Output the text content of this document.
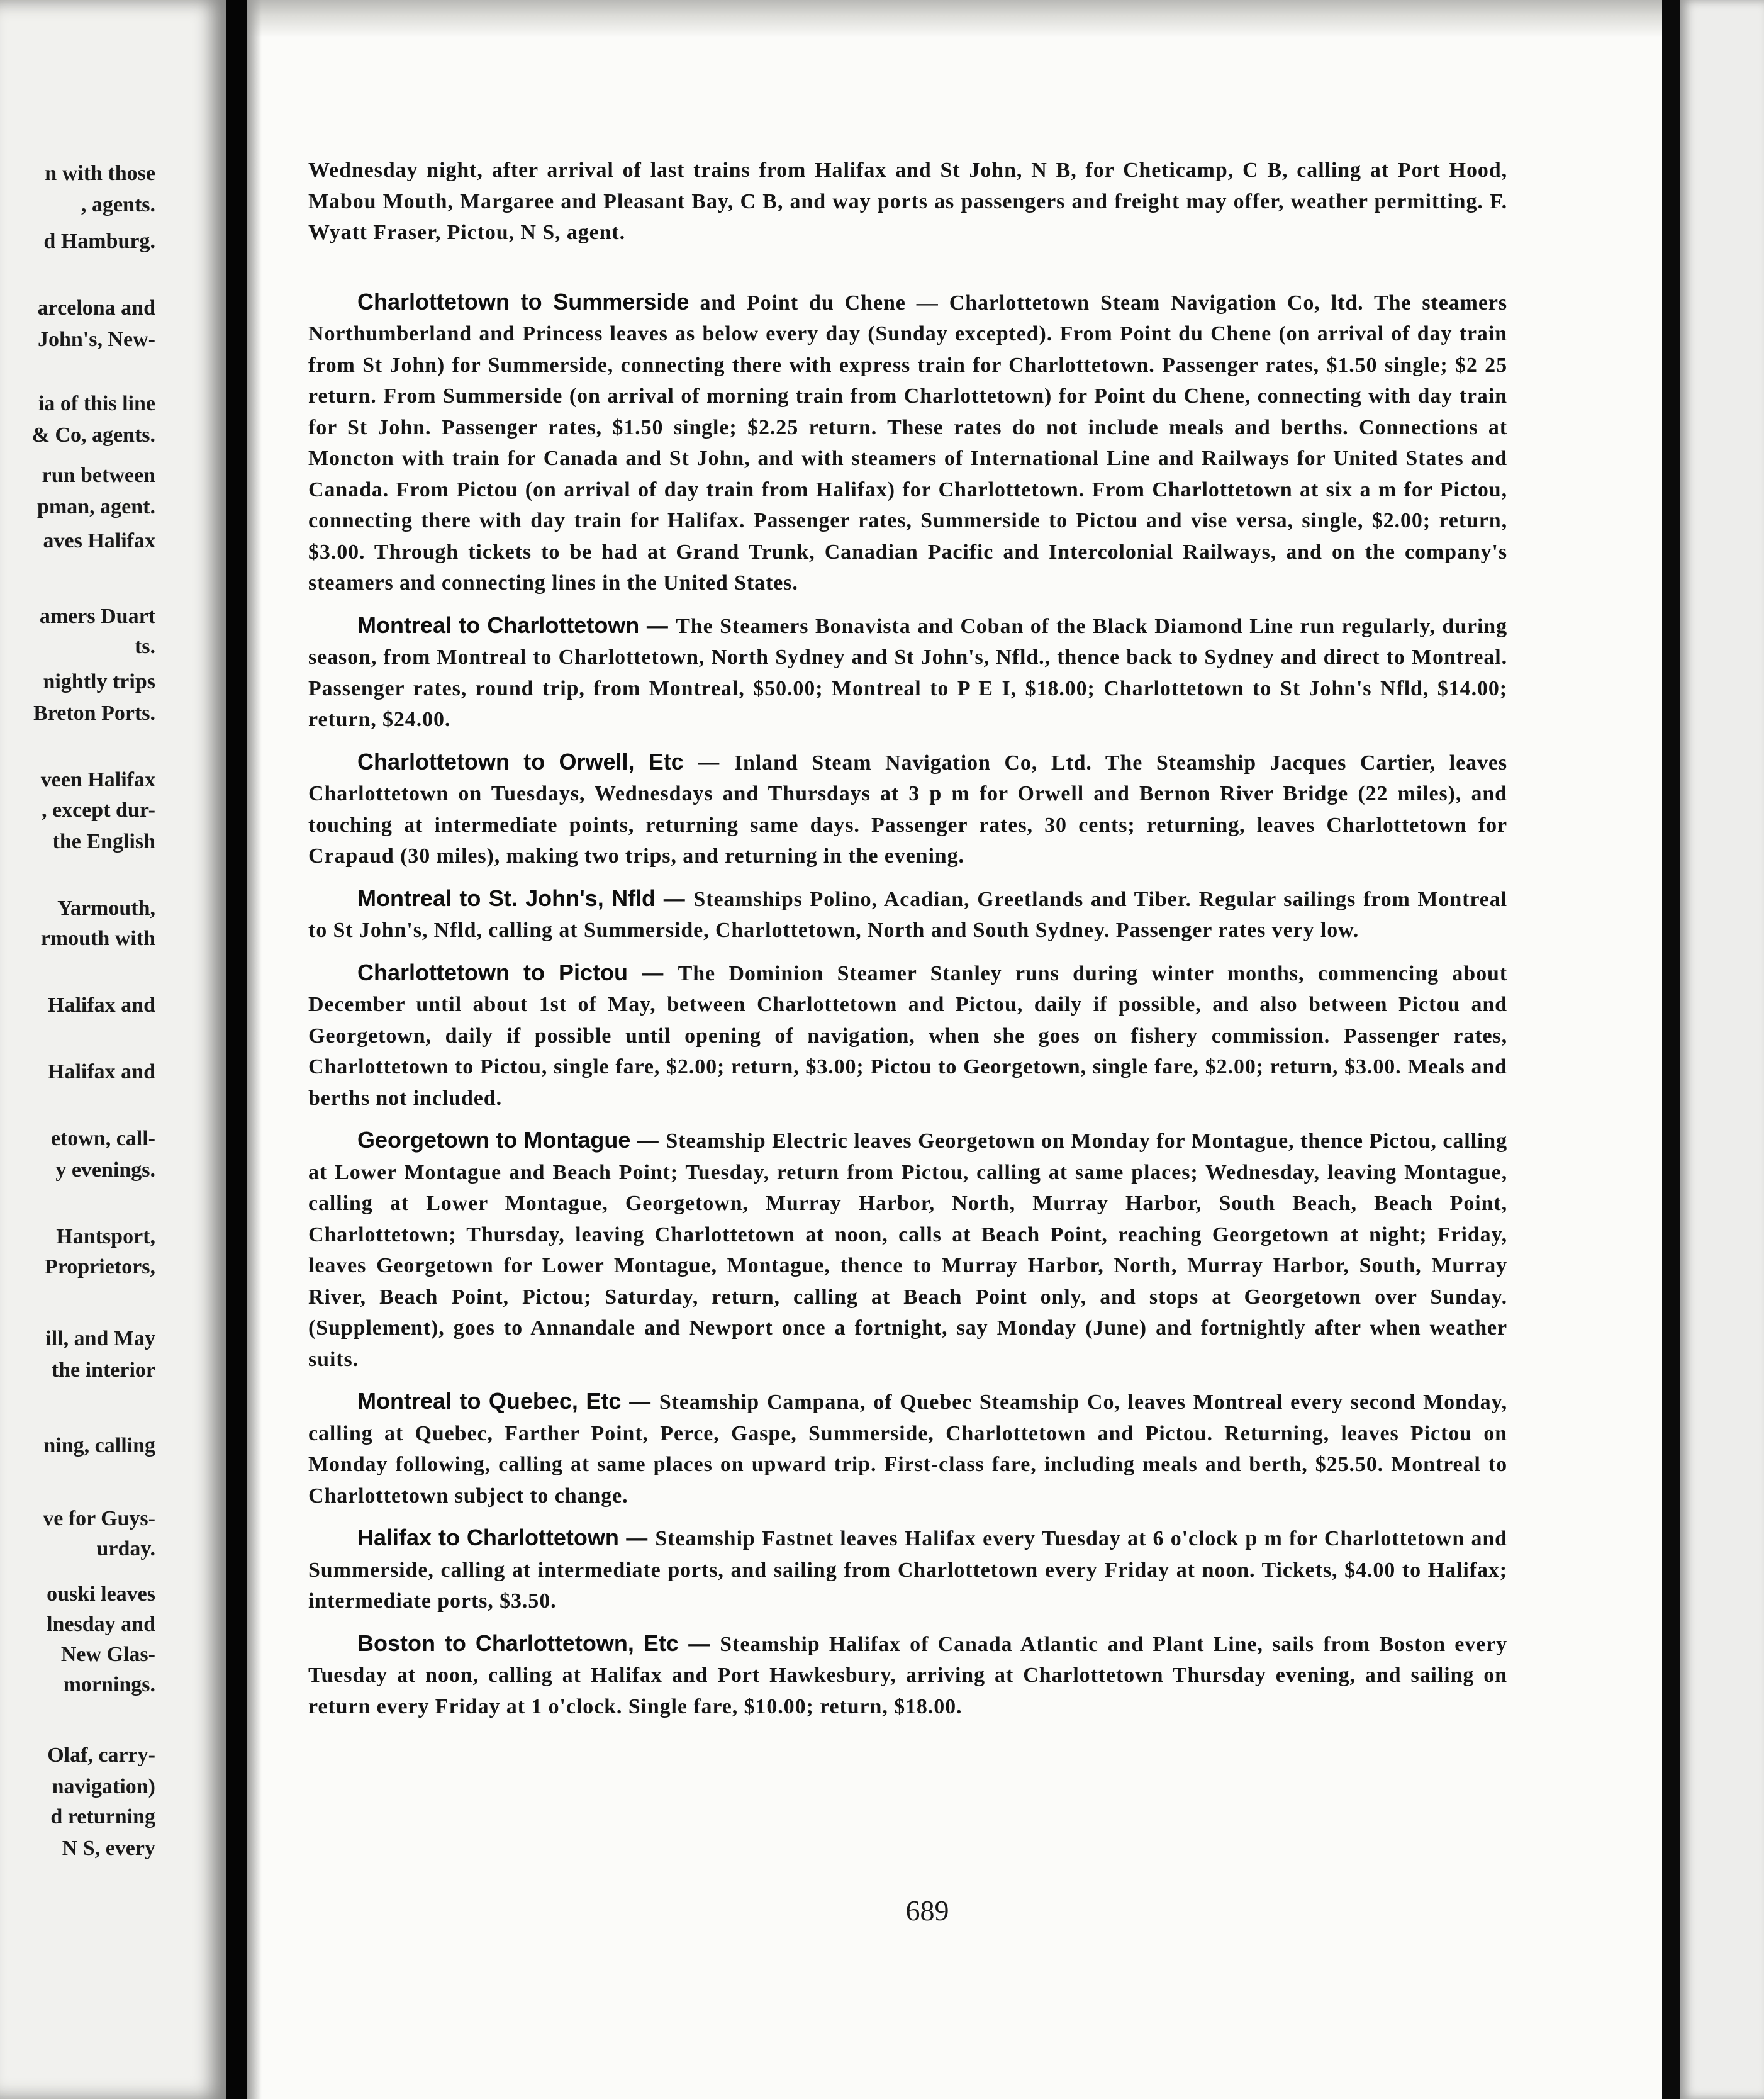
n with those
, agents.
d Hamburg.
arcelona and
John's, New-
ia of this line
& Co, agents.
run between
pman, agent.
aves Halifax
amers Duart
ts.
nightly trips
Breton Ports.
veen Halifax
, except dur-
the English
Yarmouth,
rmouth with
Halifax and
Halifax and
etown, call-
y evenings.
Hantsport,
Proprietors,
ill, and May
the interior
ning, calling
ve for Guys-
urday.
ouski leaves
lnesday and
New Glas-
mornings.
Olaf, carry-
navigation)
d returning
N S, every

Wednesday night, after arrival of last trains from Halifax and St John, N B, for Cheticamp, C B, calling at Port Hood, Mabou Mouth, Margaree and Pleasant Bay, C B, and way ports as passengers and freight may offer, weather permitting. F. Wyatt Fraser, Pictou, N S, agent.

Charlottetown to Summerside and Point du Chene — Charlottetown Steam Navigation Co, ltd. The steamers Northumberland and Princess leaves as below every day (Sunday excepted). From Point du Chene (on arrival of day train from St John) for Summerside, connecting there with express train for Charlottetown. Passenger rates, $1.50 single; $2 25 return. From Summerside (on arrival of morning train from Charlottetown) for Point du Chene, connecting with day train for St John. Passenger rates, $1.50 single; $2.25 return. These rates do not include meals and berths. Connections at Moncton with train for Canada and St John, and with steamers of International Line and Railways for United States and Canada. From Pictou (on arrival of day train from Halifax) for Charlottetown. From Charlottetown at six a m for Pictou, connecting there with day train for Halifax. Passenger rates, Summerside to Pictou and vise versa, single, $2.00; return, $3.00. Through tickets to be had at Grand Trunk, Canadian Pacific and Intercolonial Railways, and on the company's steamers and connecting lines in the United States.

Montreal to Charlottetown — The Steamers Bonavista and Coban of the Black Diamond Line run regularly, during season, from Montreal to Charlottetown, North Sydney and St John's, Nfld., thence back to Sydney and direct to Montreal. Passenger rates, round trip, from Montreal, $50.00; Montreal to P E I, $18.00; Charlottetown to St John's Nfld, $14.00; return, $24.00.

Charlottetown to Orwell, Etc — Inland Steam Navigation Co, Ltd. The Steamship Jacques Cartier, leaves Charlottetown on Tuesdays, Wednesdays and Thursdays at 3 p m for Orwell and Bernon River Bridge (22 miles), and touching at intermediate points, returning same days. Passenger rates, 30 cents; returning, leaves Charlottetown for Crapaud (30 miles), making two trips, and returning in the evening.

Montreal to St. John's, Nfld — Steamships Polino, Acadian, Greetlands and Tiber. Regular sailings from Montreal to St John's, Nfld, calling at Summerside, Charlottetown, North and South Sydney. Passenger rates very low.

Charlottetown to Pictou — The Dominion Steamer Stanley runs during winter months, commencing about December until about 1st of May, between Charlottetown and Pictou, daily if possible, and also between Pictou and Georgetown, daily if possible until opening of navigation, when she goes on fishery commission. Passenger rates, Charlottetown to Pictou, single fare, $2.00; return, $3.00; Pictou to Georgetown, single fare, $2.00; return, $3.00. Meals and berths not included.

Georgetown to Montague — Steamship Electric leaves Georgetown on Monday for Montague, thence Pictou, calling at Lower Montague and Beach Point; Tuesday, return from Pictou, calling at same places; Wednesday, leaving Montague, calling at Lower Montague, Georgetown, Murray Harbor, North, Murray Harbor, South Beach, Beach Point, Charlottetown; Thursday, leaving Charlottetown at noon, calls at Beach Point, reaching Georgetown at night; Friday, leaves Georgetown for Lower Montague, Montague, thence to Murray Harbor, North, Murray Harbor, South, Murray River, Beach Point, Pictou; Saturday, return, calling at Beach Point only, and stops at Georgetown over Sunday. (Supplement), goes to Annandale and Newport once a fortnight, say Monday (June) and fortnightly after when weather suits.

Montreal to Quebec, Etc — Steamship Campana, of Quebec Steamship Co, leaves Montreal every second Monday, calling at Quebec, Farther Point, Perce, Gaspe, Summerside, Charlottetown and Pictou. Returning, leaves Pictou on Monday following, calling at same places on upward trip. First-class fare, including meals and berth, $25.50. Montreal to Charlottetown subject to change.

Halifax to Charlottetown — Steamship Fastnet leaves Halifax every Tuesday at 6 o'clock p m for Charlottetown and Summerside, calling at intermediate ports, and sailing from Charlottetown every Friday at noon. Tickets, $4.00 to Halifax; intermediate ports, $3.50.

Boston to Charlottetown, Etc — Steamship Halifax of Canada Atlantic and Plant Line, sails from Boston every Tuesday at noon, calling at Halifax and Port Hawkesbury, arriving at Charlottetown Thursday evening, and sailing on return every Friday at 1 o'clock. Single fare, $10.00; return, $18.00.

689
